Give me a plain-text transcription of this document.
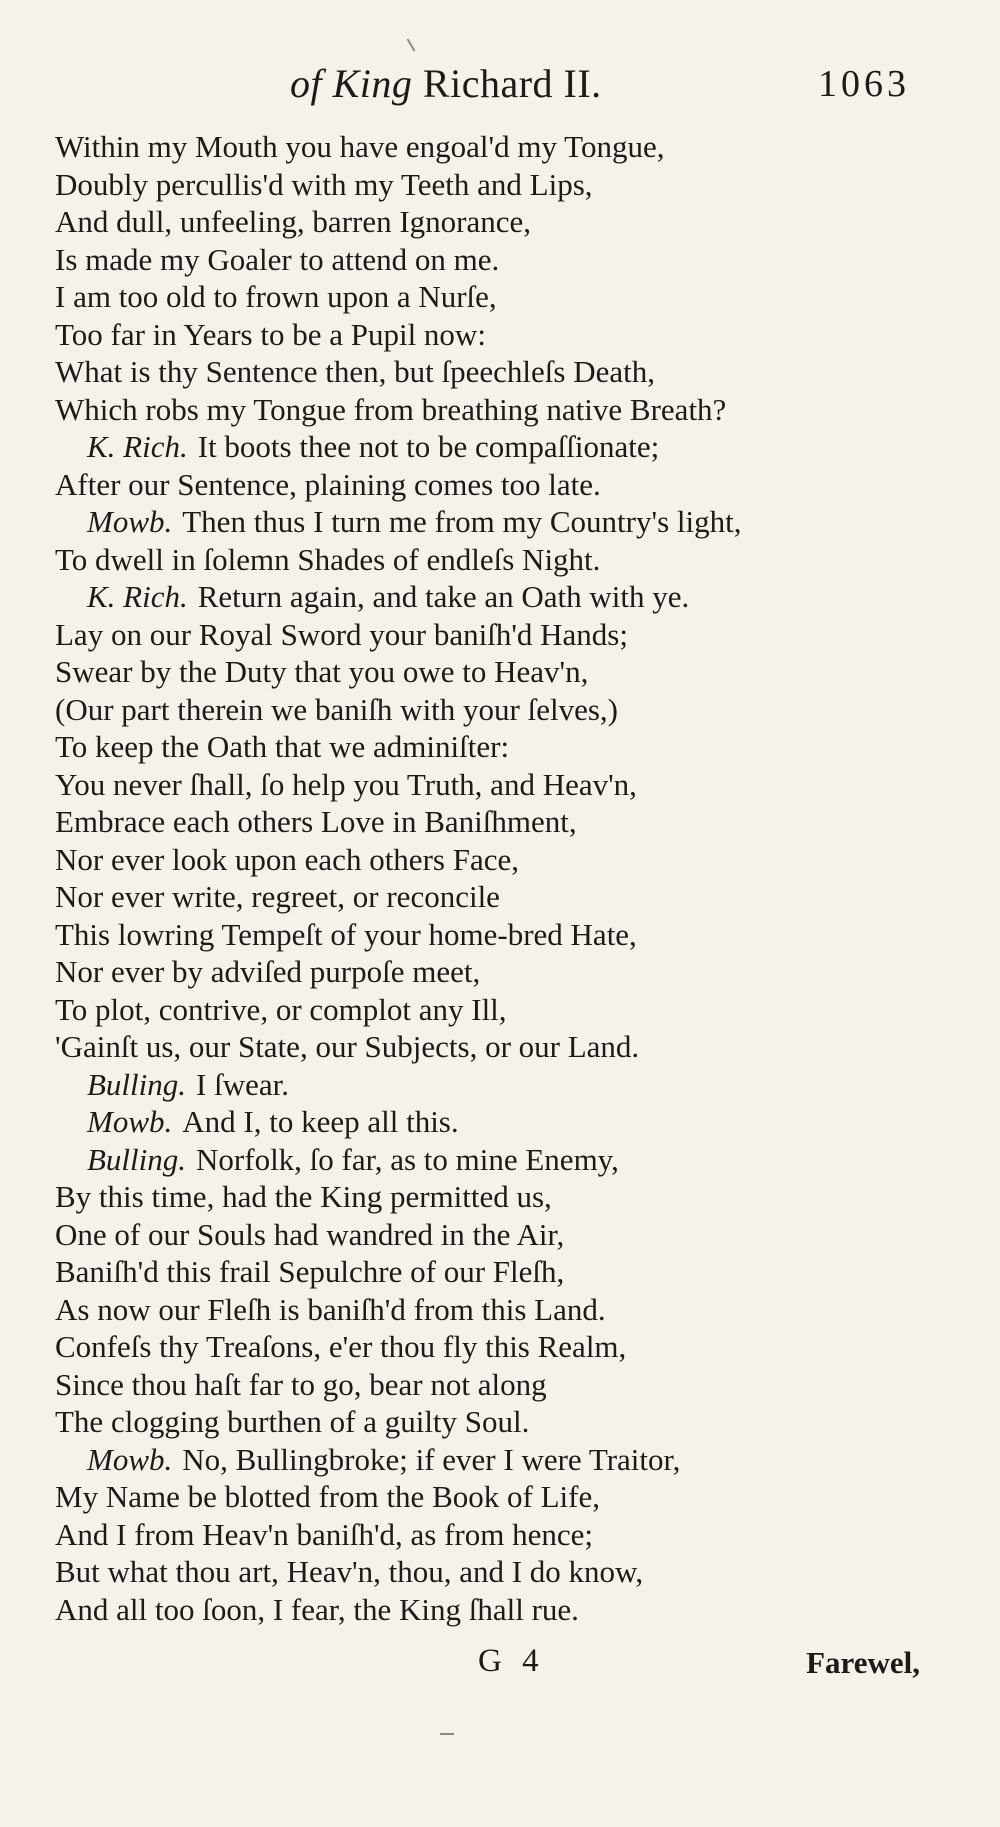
of King Richard II.	1063
Within my Mouth you have engoal'd my Tongue,
Doubly percullis'd with my Teeth and Lips,
And dull, unfeeling, barren Ignorance,
Is made my Goaler to attend on me.
I am too old to frown upon a Nurſe,
Too far in Years to be a Pupil now:
What is thy Sentence then, but ſpeechleſs Death,
Which robs my Tongue from breathing native Breath?
K. Rich. It boots thee not to be compaſſionate;
After our Sentence, plaining comes too late.
Mowb. Then thus I turn me from my Country's light,
To dwell in ſolemn Shades of endleſs Night.
K. Rich. Return again, and take an Oath with ye.
Lay on our Royal Sword your baniſh'd Hands;
Swear by the Duty that you owe to Heav'n,
(Our part therein we baniſh with your ſelves,)
To keep the Oath that we adminiſter:
You never ſhall, ſo help you Truth, and Heav'n,
Embrace each others Love in Baniſhment,
Nor ever look upon each others Face,
Nor ever write, regreet, or reconcile
This lowring Tempeſt of your home-bred Hate,
Nor ever by adviſed purpoſe meet,
To plot, contrive, or complot any Ill,
'Gainſt us, our State, our Subjects, or our Land.
Bulling. I ſwear.
Mowb. And I, to keep all this.
Bulling. Norfolk, ſo far, as to mine Enemy,
By this time, had the King permitted us,
One of our Souls had wandred in the Air,
Baniſh'd this frail Sepulchre of our Fleſh,
As now our Fleſh is baniſh'd from this Land.
Confeſs thy Treaſons, e'er thou fly this Realm,
Since thou haſt far to go, bear not along
The clogging burthen of a guilty Soul.
Mowb. No, Bullingbroke; if ever I were Traitor,
My Name be blotted from the Book of Life,
And I from Heav'n baniſh'd, as from hence;
But what thou art, Heav'n, thou, and I do know,
And all too ſoon, I fear, the King ſhall rue.
G 4	Farewel,
